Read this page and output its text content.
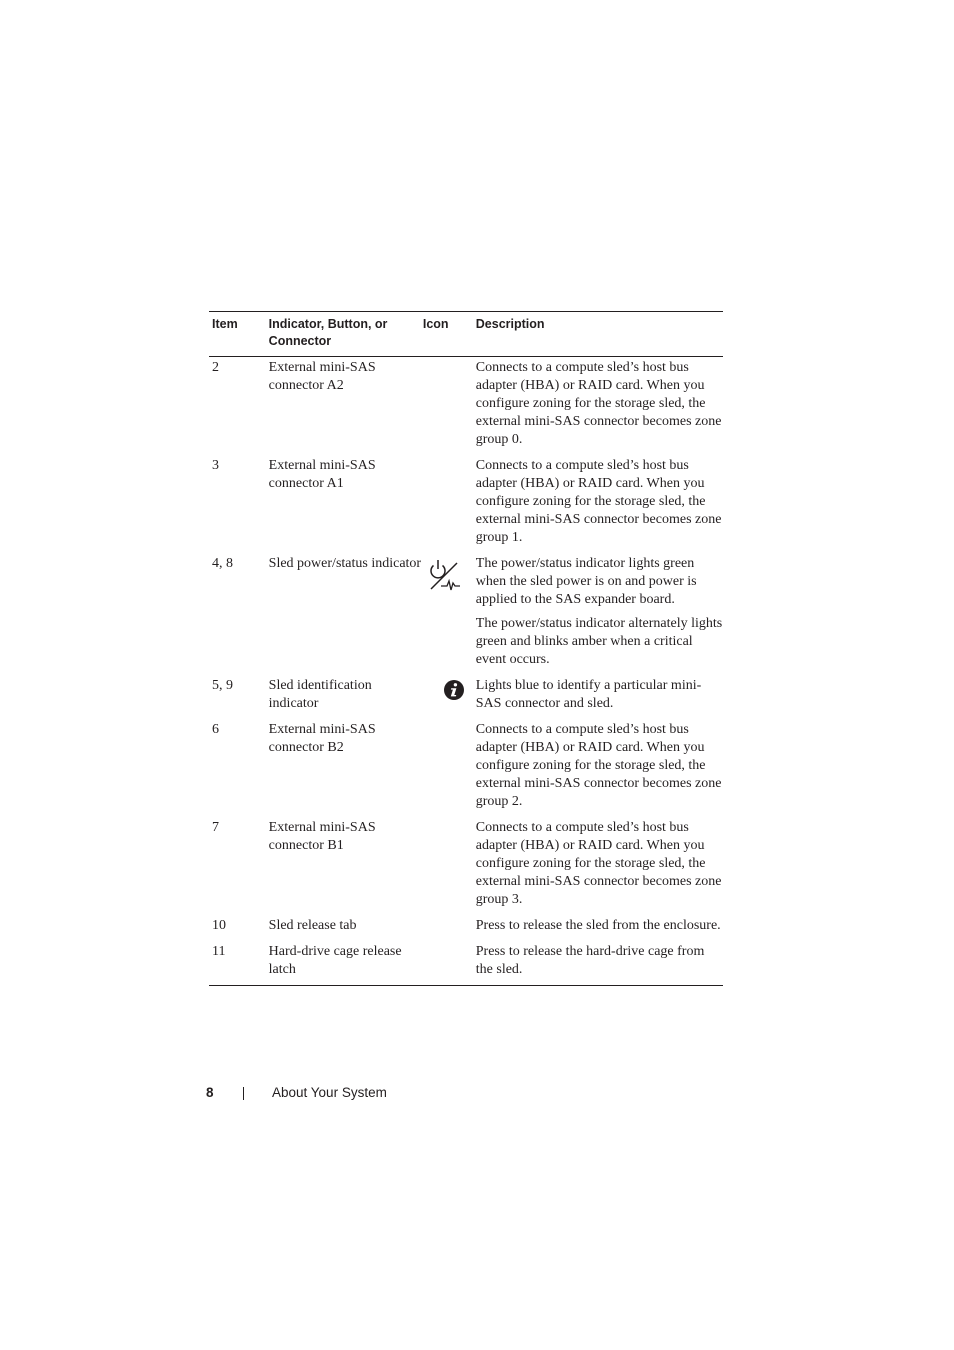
Item	Indicator, Button, or Connector	Icon	Description
2	External mini-SAS connector A2		Connects to a compute sled’s host bus adapter (HBA) or RAID card. When you configure zoning for the storage sled, the external mini-SAS connector becomes zone group 0.

3	External mini-SAS connector A1		Connects to a compute sled’s host bus adapter (HBA) or RAID card. When you configure zoning for the storage sled, the external mini-SAS connector becomes zone group 1.

4, 8	Sled power/status indicator		The power/status indicator lights green when the sled power is on and power is applied to the SAS expander board.

The power/status indicator alternately lights green and blinks amber when a critical event occurs.

5, 9	Sled identification indicator		Lights blue to identify a particular mini-SAS connector and sled.

6	External mini-SAS connector B2		Connects to a compute sled’s host bus adapter (HBA) or RAID card. When you configure zoning for the storage sled, the external mini-SAS connector becomes zone group 2.

7	External mini-SAS connector B1		Connects to a compute sled’s host bus adapter (HBA) or RAID card. When you configure zoning for the storage sled, the external mini-SAS connector becomes zone group 3.

10	Sled release tab		Press to release the sled from the enclosure.

11	Hard-drive cage release latch		Press to release the hard-drive cage from the sled.

8	About Your System
